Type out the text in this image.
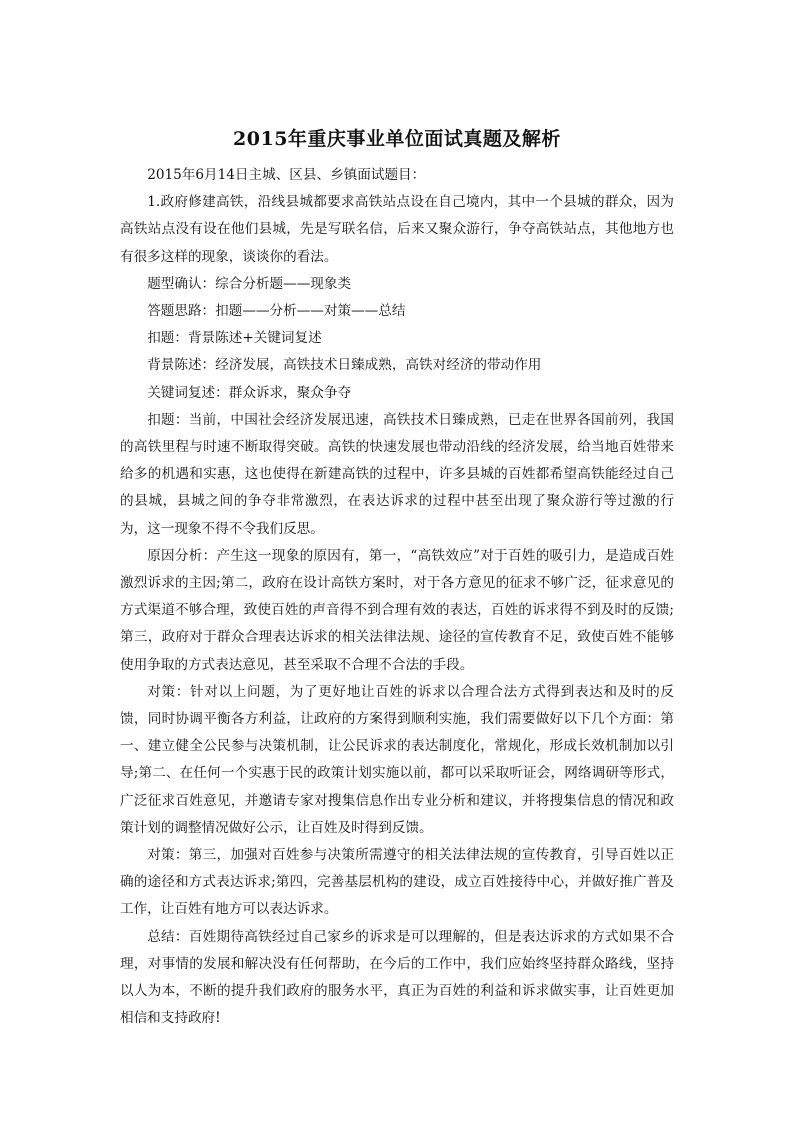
2015年重庆事业单位面试真题及解析

2015年6月14日主城、区县、乡镇面试题目：

1.政府修建高铁，沿线县城都要求高铁站点设在自己境内，其中一个县城的群众，因为高铁站点没有设在他们县城，先是写联名信，后来又聚众游行，争夺高铁站点，其他地方也有很多这样的现象，谈谈你的看法。

题型确认：综合分析题——现象类

答题思路：扣题——分析——对策——总结

扣题：背景陈述+关键词复述

背景陈述：经济发展，高铁技术日臻成熟，高铁对经济的带动作用

关键词复述：群众诉求，聚众争夺

扣题：当前，中国社会经济发展迅速，高铁技术日臻成熟，已走在世界各国前列，我国的高铁里程与时速不断取得突破。高铁的快速发展也带动沿线的经济发展，给当地百姓带来给多的机遇和实惠，这也使得在新建高铁的过程中，许多县城的百姓都希望高铁能经过自己的县城，县城之间的争夺非常激烈，在表达诉求的过程中甚至出现了聚众游行等过激的行为，这一现象不得不令我们反思。

原因分析：产生这一现象的原因有，第一，“高铁效应”对于百姓的吸引力，是造成百姓激烈诉求的主因;第二，政府在设计高铁方案时，对于各方意见的征求不够广泛，征求意见的方式渠道不够合理，致使百姓的声音得不到合理有效的表达，百姓的诉求得不到及时的反馈;第三，政府对于群众合理表达诉求的相关法律法规、途径的宣传教育不足，致使百姓不能够使用争取的方式表达意见，甚至采取不合理不合法的手段。

对策：针对以上问题，为了更好地让百姓的诉求以合理合法方式得到表达和及时的反馈，同时协调平衡各方利益，让政府的方案得到顺利实施，我们需要做好以下几个方面：第一、建立健全公民参与决策机制，让公民诉求的表达制度化，常规化，形成长效机制加以引导;第二、在任何一个实惠于民的政策计划实施以前，都可以采取听证会，网络调研等形式，广泛征求百姓意见，并邀请专家对搜集信息作出专业分析和建议，并将搜集信息的情况和政策计划的调整情况做好公示，让百姓及时得到反馈。

对策：第三，加强对百姓参与决策所需遵守的相关法律法规的宣传教育，引导百姓以正确的途径和方式表达诉求;第四，完善基层机构的建设，成立百姓接待中心，并做好推广普及工作，让百姓有地方可以表达诉求。

总结：百姓期待高铁经过自己家乡的诉求是可以理解的，但是表达诉求的方式如果不合理，对事情的发展和解决没有任何帮助，在今后的工作中，我们应始终坚持群众路线，坚持以人为本，不断的提升我们政府的服务水平，真正为百姓的利益和诉求做实事，让百姓更加相信和支持政府!
